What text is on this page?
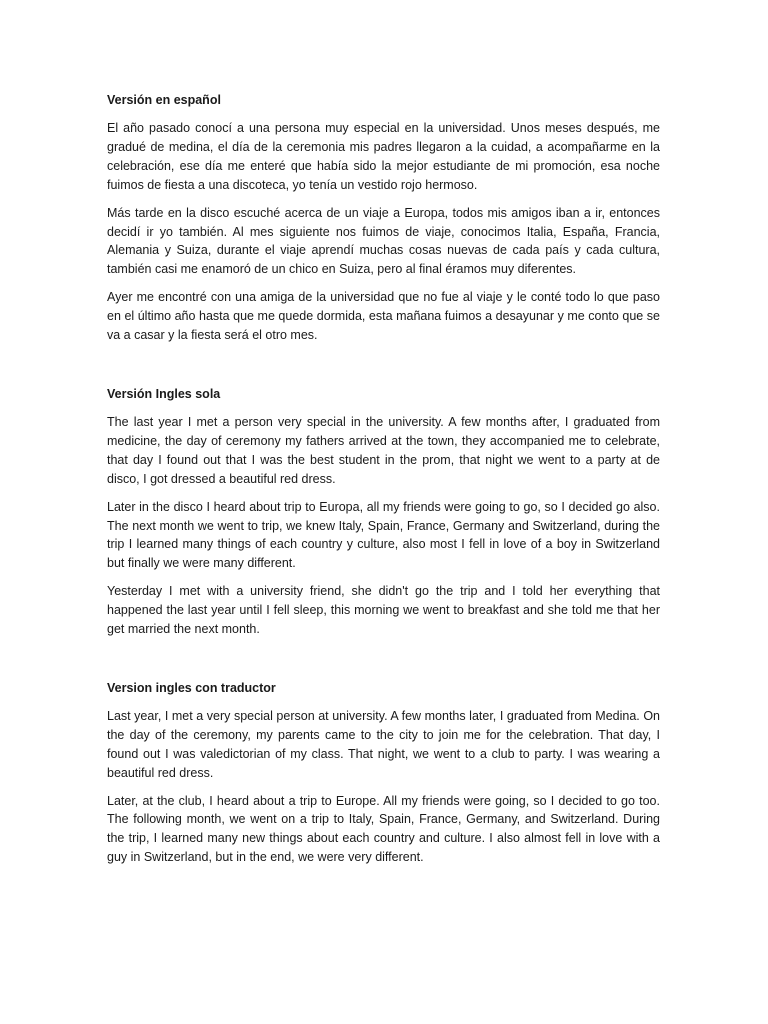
Versión en español

El año pasado conocí a una persona muy especial en la universidad. Unos meses después, me gradué de medina, el día de la ceremonia mis padres llegaron a la cuidad, a acompañarme en la celebración, ese día me enteré que había sido la mejor estudiante de mi promoción, esa noche fuimos de fiesta a una discoteca, yo tenía un vestido rojo hermoso.

Más tarde en la disco escuché acerca de un viaje a Europa, todos mis amigos iban a ir, entonces decidí ir yo también. Al mes siguiente nos fuimos de viaje, conocimos Italia, España, Francia, Alemania y Suiza, durante el viaje aprendí muchas cosas nuevas de cada país y cada cultura, también casi me enamoró de un chico en Suiza, pero al final éramos muy diferentes.

Ayer me encontré con una amiga de la universidad que no fue al viaje y le conté todo lo que paso en el último año hasta que me quede dormida, esta mañana fuimos a desayunar y me conto que se va a casar y la fiesta será el otro mes.

Versión Ingles sola

The last year I met a person very special in the university. A few months after, I graduated from medicine, the day of ceremony my fathers arrived at the town, they accompanied me to celebrate, that day I found out that I was the best student in the prom, that night we went to a party at de disco, I got dressed a beautiful red dress.

Later in the disco I heard about trip to Europa, all my friends were going to go, so I decided go also. The next month we went to trip, we knew Italy, Spain, France, Germany and Switzerland, during the trip I learned many things of each country y culture, also most I fell in love of a boy in Switzerland but finally we were many different.

Yesterday I met with a university friend, she didn't go the trip and I told her everything that happened the last year until I fell sleep, this morning we went to breakfast and she told me that her get married the next month.

Version ingles con traductor

Last year, I met a very special person at university. A few months later, I graduated from Medina. On the day of the ceremony, my parents came to the city to join me for the celebration. That day, I found out I was valedictorian of my class. That night, we went to a club to party. I was wearing a beautiful red dress.

Later, at the club, I heard about a trip to Europe. All my friends were going, so I decided to go too. The following month, we went on a trip to Italy, Spain, France, Germany, and Switzerland. During the trip, I learned many new things about each country and culture. I also almost fell in love with a guy in Switzerland, but in the end, we were very different.
